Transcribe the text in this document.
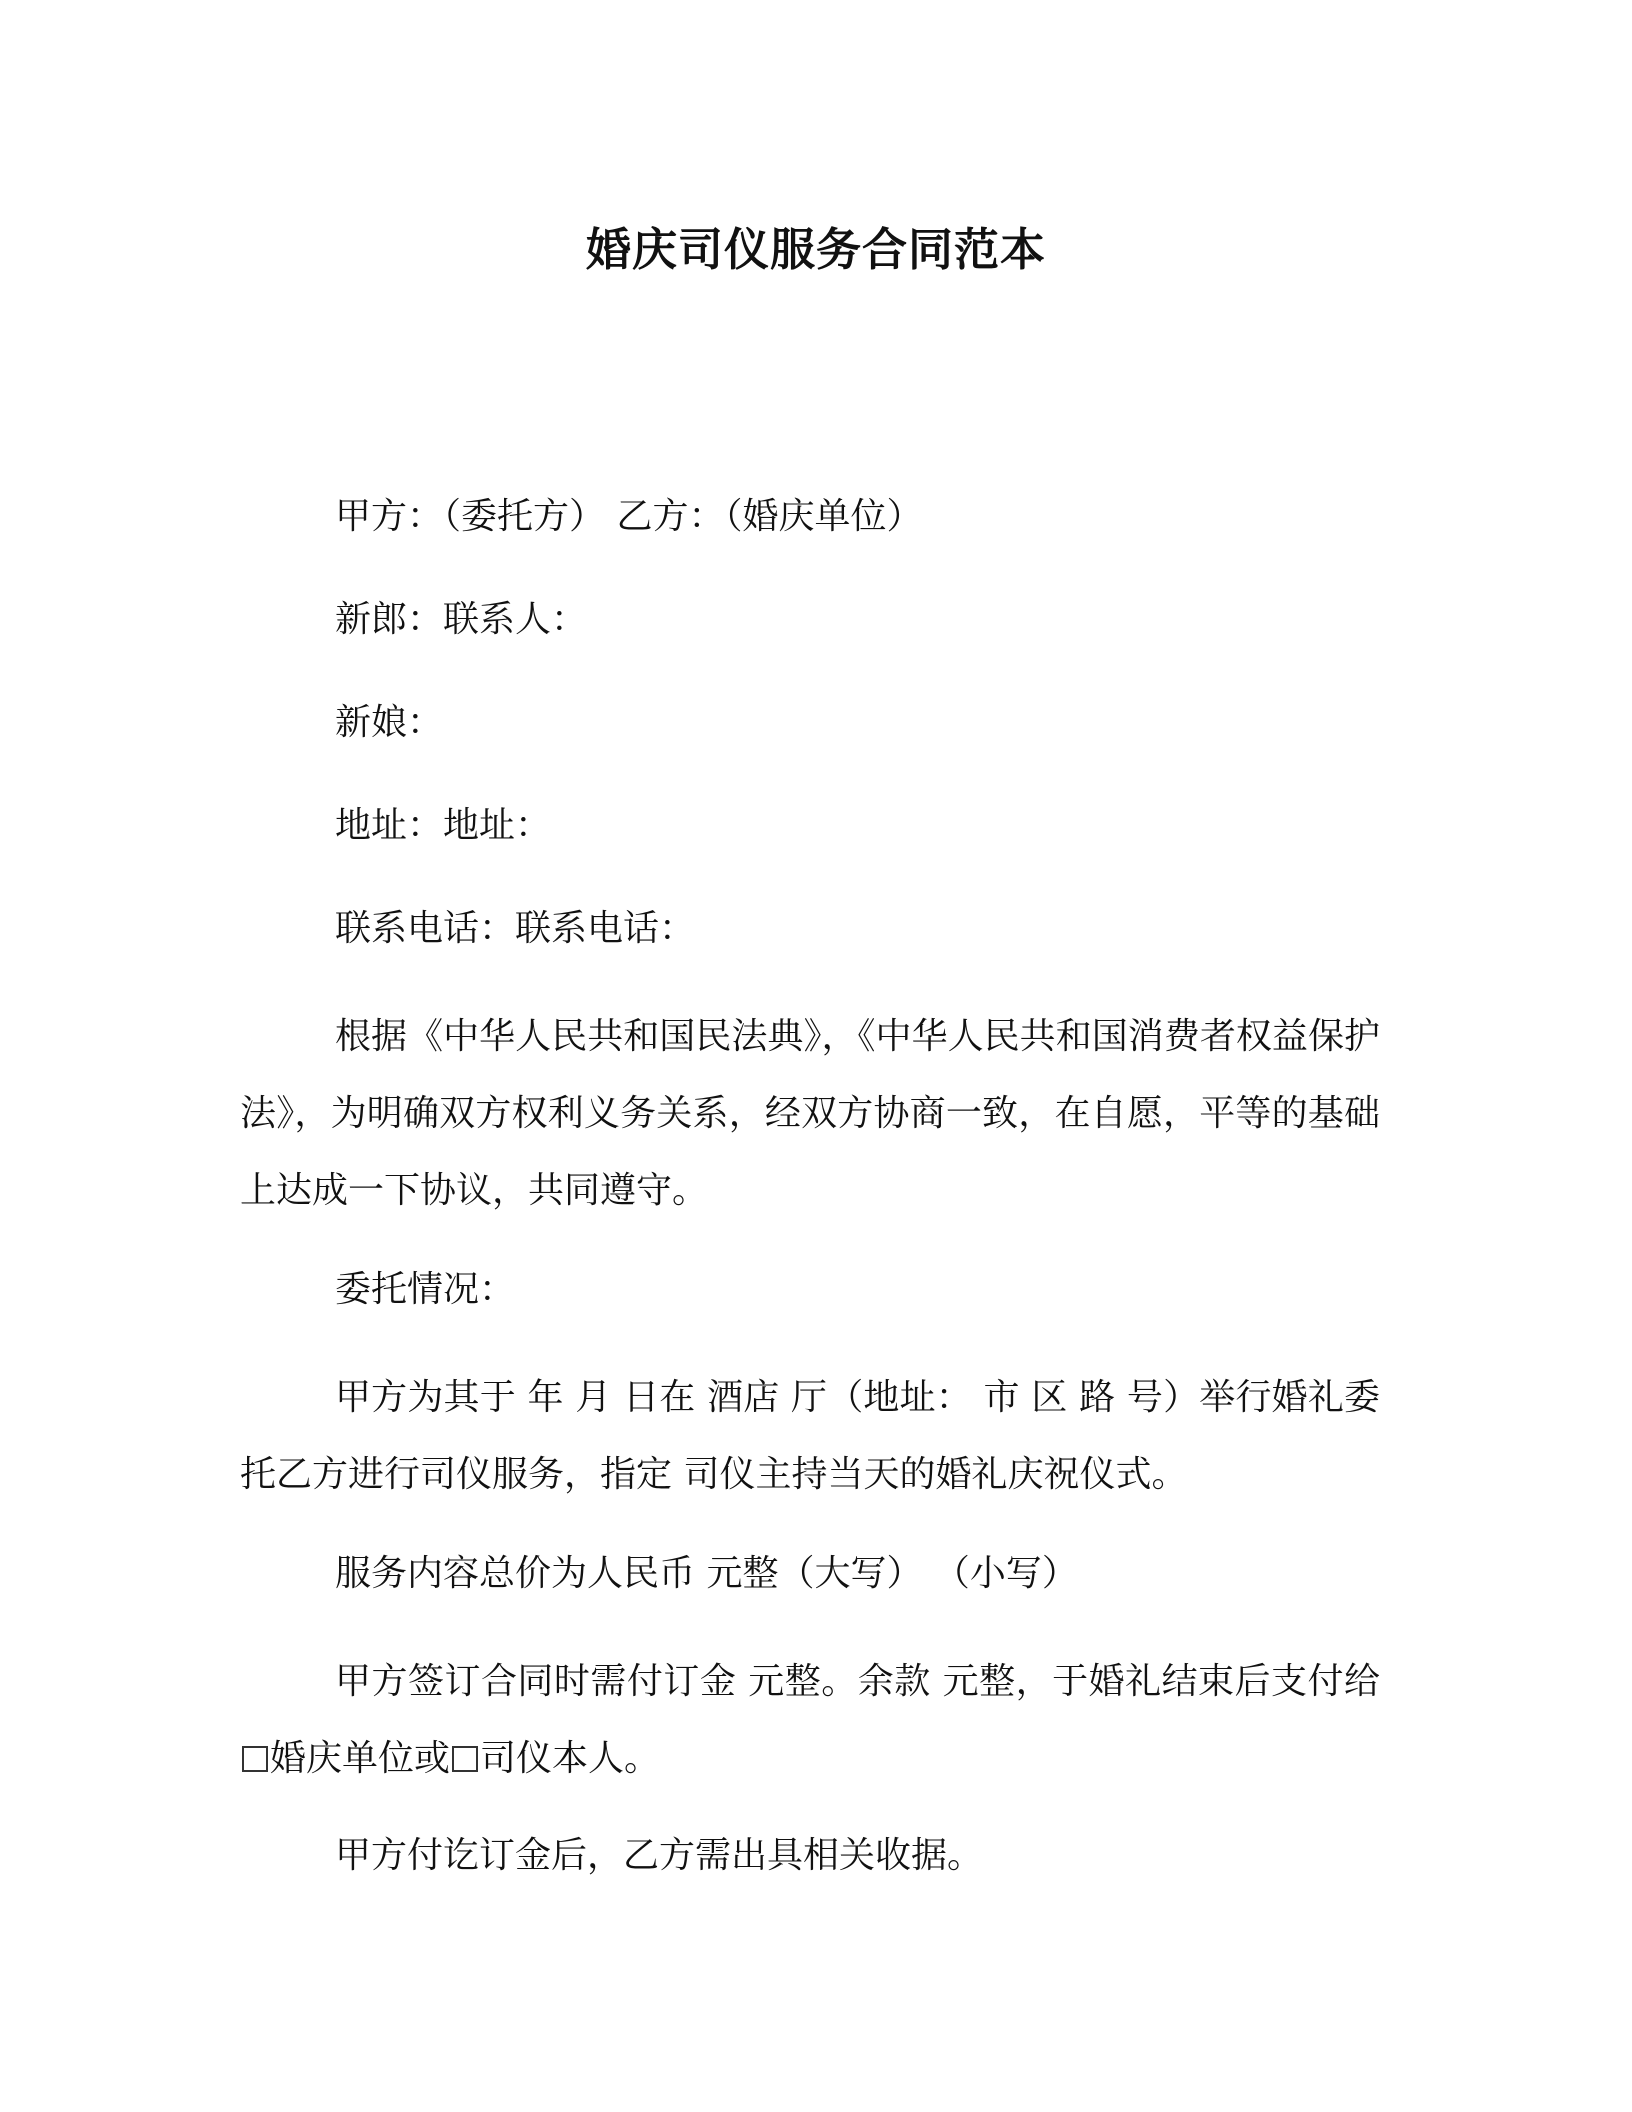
婚庆司仪服务合同范本

甲方：（委托方） 乙方：（婚庆单位）

新郎：联系人：

新娘：

地址：地址：

联系电话：联系电话：

根据《中华人民共和国民法典》，《中华人民共和国消费者权益保护法》，为明确双方权利义务关系，经双方协商一致，在自愿，平等的基础上达成一下协议，共同遵守。

委托情况：

甲方为其于 年 月 日在 酒店 厅（地址： 市 区 路 号）举行婚礼委托乙方进行司仪服务，指定 司仪主持当天的婚礼庆祝仪式。

服务内容总价为人民币 元整（大写） （小写）

甲方签订合同时需付订金 元整。余款 元整，于婚礼结束后支付给婚庆单位或 司仪本人。

甲方付讫订金后，乙方需出具相关收据。
